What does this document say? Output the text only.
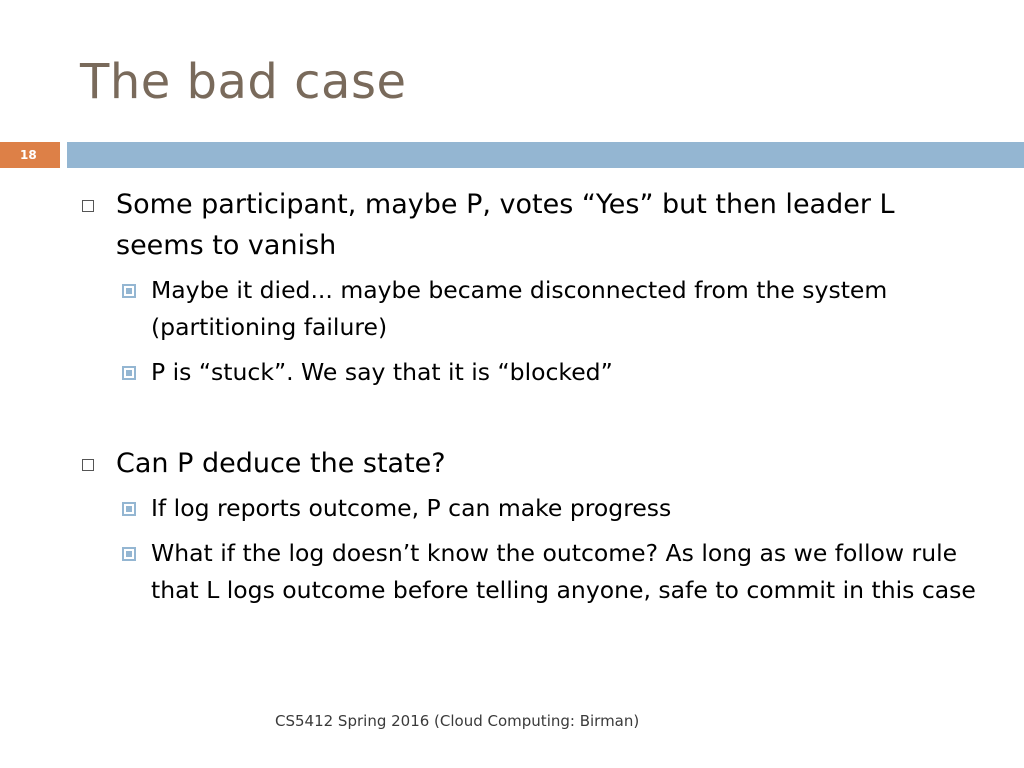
The bad case
18
Some participant, maybe P, votes “Yes” but then leader L seems to vanish
Maybe it died... maybe became disconnected from the system (partitioning failure)
P is “stuck”. We say that it is “blocked”
Can P deduce the state?
If log reports outcome, P can make progress
What if the log doesn’t know the outcome? As long as we follow rule that L logs outcome before telling anyone, safe to commit in this case
CS5412 Spring 2016 (Cloud Computing: Birman)
